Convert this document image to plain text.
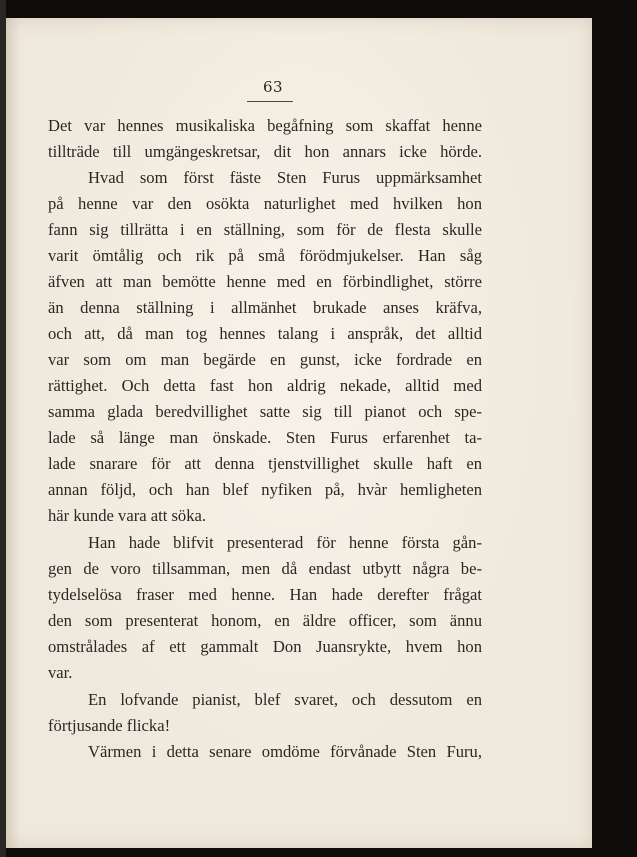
63
Det var hennes musikaliska begåfning som skaffat henne
tillträde till umgängeskretsar, dit hon annars icke hörde.
Hvad som först fäste Sten Furus uppmärksamhet
på henne var den osökta naturlighet med hvilken hon
fann sig tillrätta i en ställning, som för de flesta skulle
varit ömtålig och rik på små förödmjukelser. Han såg
äfven att man bemötte henne med en förbindlighet, större
än denna ställning i allmänhet brukade anses kräfva,
och att, då man tog hennes talang i anspråk, det alltid
var som om man begärde en gunst, icke fordrade en
rättighet. Och detta fast hon aldrig nekade, alltid med
samma glada beredvillighet satte sig till pianot och spe-
lade så länge man önskade. Sten Furus erfarenhet ta-
lade snarare för att denna tjenstvillighet skulle haft en
annan följd, och han blef nyfiken på, hvàr hemligheten
här kunde vara att söka.
Han hade blifvit presenterad för henne första gån-
gen de voro tillsamman, men då endast utbytt några be-
tydelselösa fraser med henne. Han hade derefter frågat
den som presenterat honom, en äldre officer, som ännu
omstrålades af ett gammalt Don Juansrykte, hvem hon
var.
En lofvande pianist, blef svaret, och dessutom en
förtjusande flicka!
Värmen i detta senare omdöme förvånade Sten Furu,
